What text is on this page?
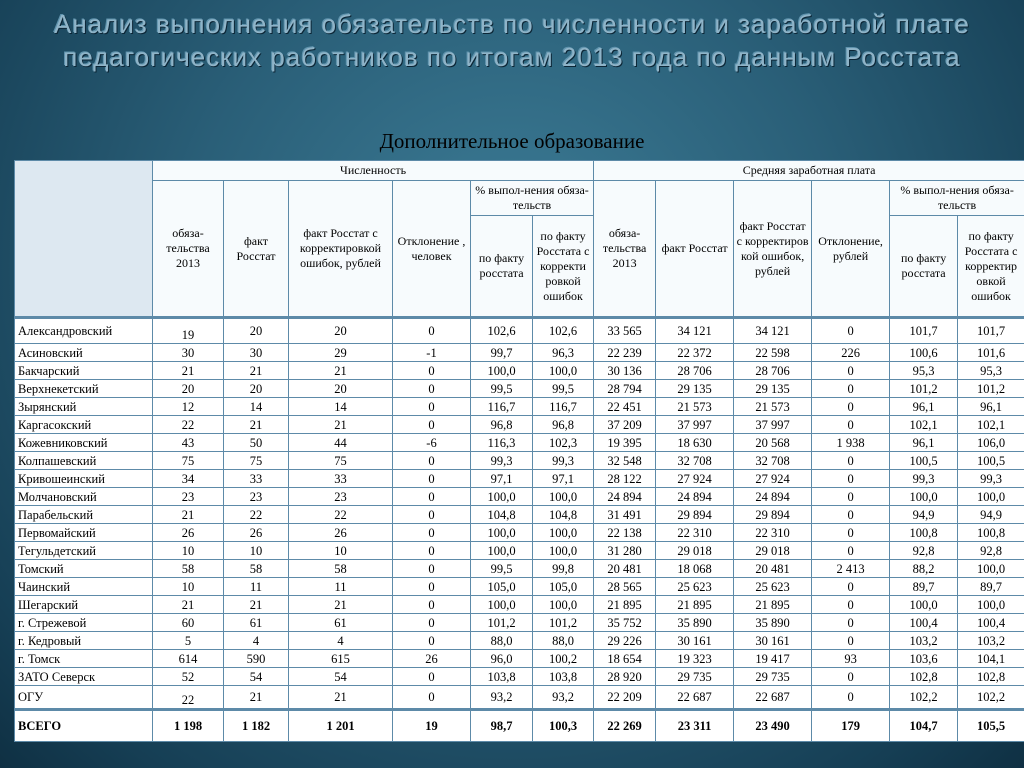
Анализ выполнения обязательств по численности и заработной плате педагогических работников по итогам 2013 года по данным Росстата
Дополнительное образование
	Численность						Средняя заработная плата					
	обяза-тельства 2013	факт Росстат	факт Росстат с корректировкой ошибок, рублей	Отклонение , человек	% выпол-нения обяза-тельств		обяза-тельства 2013	факт Росстат	факт Росстат с корректиров кой ошибок, рублей	Отклонение, рублей	% выпол-нения обяза-тельств	
					по факту росстата	по факту Росстата с корректи ровкой ошибок					по факту росстата	по факту Росстата с корректир овкой ошибок
Александровский	19	20	20	0	102,6	102,6	33 565	34 121	34 121	0	101,7	101,7
Асиновский	30	30	29	-1	99,7	96,3	22 239	22 372	22 598	226	100,6	101,6
Бакчарский	21	21	21	0	100,0	100,0	30 136	28 706	28 706	0	95,3	95,3
Верхнекетский	20	20	20	0	99,5	99,5	28 794	29 135	29 135	0	101,2	101,2
Зырянский	12	14	14	0	116,7	116,7	22 451	21 573	21 573	0	96,1	96,1
Каргасокский	22	21	21	0	96,8	96,8	37 209	37 997	37 997	0	102,1	102,1
Кожевниковский	43	50	44	-6	116,3	102,3	19 395	18 630	20 568	1 938	96,1	106,0
Колпашевский	75	75	75	0	99,3	99,3	32 548	32 708	32 708	0	100,5	100,5
Кривошеинский	34	33	33	0	97,1	97,1	28 122	27 924	27 924	0	99,3	99,3
Молчановский	23	23	23	0	100,0	100,0	24 894	24 894	24 894	0	100,0	100,0
Парабельский	21	22	22	0	104,8	104,8	31 491	29 894	29 894	0	94,9	94,9
Первомайский	26	26	26	0	100,0	100,0	22 138	22 310	22 310	0	100,8	100,8
Тегульдетский	10	10	10	0	100,0	100,0	31 280	29 018	29 018	0	92,8	92,8
Томский	58	58	58	0	99,5	99,8	20 481	18 068	20 481	2 413	88,2	100,0
Чаинский	10	11	11	0	105,0	105,0	28 565	25 623	25 623	0	89,7	89,7
Шегарский	21	21	21	0	100,0	100,0	21 895	21 895	21 895	0	100,0	100,0
г. Стрежевой	60	61	61	0	101,2	101,2	35 752	35 890	35 890	0	100,4	100,4
г. Кедровый	5	4	4	0	88,0	88,0	29 226	30 161	30 161	0	103,2	103,2
г. Томск	614	590	615	26	96,0	100,2	18 654	19 323	19 417	93	103,6	104,1
ЗАТО Северск	52	54	54	0	103,8	103,8	28 920	29 735	29 735	0	102,8	102,8
ОГУ	22	21	21	0	93,2	93,2	22 209	22 687	22 687	0	102,2	102,2
ВСЕГО	1 198	1 182	1 201	19	98,7	100,3	22 269	23 311	23 490	179	104,7	105,5
